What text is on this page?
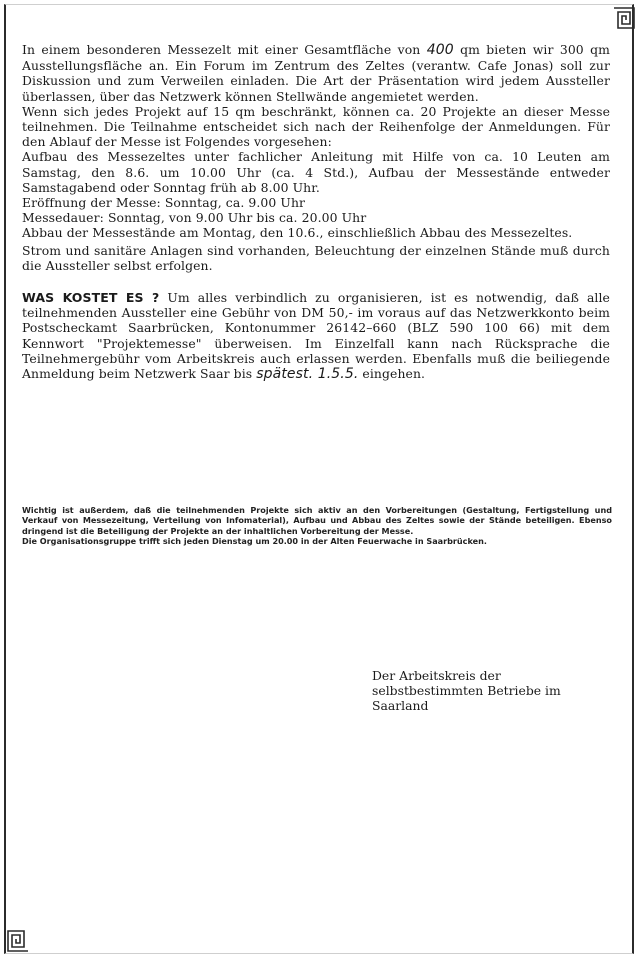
In einem besonderen Messezelt mit einer Gesamtfläche von 400 qm bieten wir 300 qm Ausstellungsfläche an. Ein Forum im Zentrum des Zeltes (verantw. Cafe Jonas) soll zur Diskussion und zum Verweilen einladen. Die Art der Präsentation wird jedem Aussteller überlassen, über das Netzwerk können Stellwände angemietet werden.

Wenn sich jedes Projekt auf 15 qm beschränkt, können ca. 20 Projekte an dieser Messe teilnehmen. Die Teilnahme entscheidet sich nach der Reihenfolge der Anmeldungen. Für den Ablauf der Messe ist Folgendes vorgesehen:

Aufbau des Messezeltes unter fachlicher Anleitung mit Hilfe von ca. 10 Leuten am Samstag, den 8.6. um 10.00 Uhr (ca. 4 Std.), Aufbau der Messestände entweder Samstagabend oder Sonntag früh ab 8.00 Uhr.

Eröffnung der Messe: Sonntag, ca. 9.00 Uhr

Messedauer: Sonntag, von 9.00 Uhr bis ca. 20.00 Uhr

Abbau der Messestände am Montag, den 10.6., einschließlich Abbau des Messezeltes.

Strom und sanitäre Anlagen sind vorhanden, Beleuchtung der einzelnen Stände muß durch die Aussteller selbst erfolgen.

WAS KOSTET ES ? Um alles verbindlich zu organisieren, ist es notwendig, daß alle teilnehmenden Aussteller eine Gebühr von DM 50,- im voraus auf das Netzwerkkonto beim Postscheckamt Saarbrücken, Kontonummer 26142–660 (BLZ 590 100 66) mit dem Kennwort "Projektemesse" überweisen. Im Einzelfall kann nach Rücksprache die Teilnehmergebühr vom Arbeitskreis auch erlassen werden. Ebenfalls muß die beiliegende Anmeldung beim Netzwerk Saar bis spätest. 1.5.5. eingehen.

Wichtig ist außerdem, daß die teilnehmenden Projekte sich aktiv an den Vorbereitungen (Gestaltung, Fertigstellung und Verkauf von Messezeitung, Verteilung von Infomaterial), Aufbau und Abbau des Zeltes sowie der Stände beteiligen. Ebenso dringend ist die Beteiligung der Projekte an der inhaltlichen Vorbereitung der Messe.

Die Organisationsgruppe trifft sich jeden Dienstag um 20.00 in der Alten Feuerwache in Saarbrücken.

Der Arbeitskreis der
selbstbestimmten Betriebe im
Saarland
